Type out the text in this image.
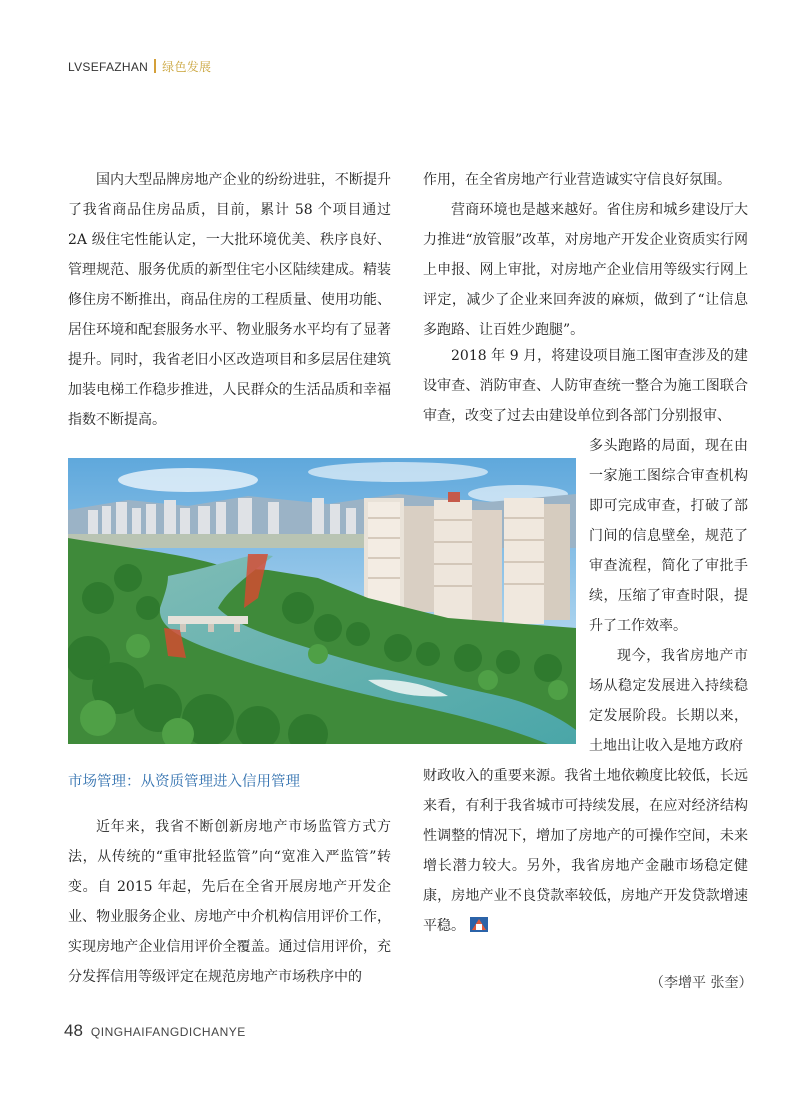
LVSEFAZHAN 绿色发展

国内大型品牌房地产企业的纷纷进驻，不断提升了我省商品住房品质，目前，累计 58 个项目通过 2A 级住宅性能认定，一大批环境优美、秩序良好、管理规范、服务优质的新型住宅小区陆续建成。精装修住房不断推出，商品住房的工程质量、使用功能、居住环境和配套服务水平、物业服务水平均有了显著提升。同时，我省老旧小区改造项目和多层居住建筑加装电梯工作稳步推进，人民群众的生活品质和幸福指数不断提高。

作用，在全省房地产行业营造诚实守信良好氛围。

营商环境也是越来越好。省住房和城乡建设厅大力推进“放管服”改革，对房地产开发企业资质实行网上申报、网上审批，对房地产企业信用等级实行网上评定，减少了企业来回奔波的麻烦，做到了“让信息多跑路、让百姓少跑腿”。

2018 年 9 月，将建设项目施工图审查涉及的建设审查、消防审查、人防审查统一整合为施工图联合审查，改变了过去由建设单位到各部门分别报审、

多头跑路的局面，现在由一家施工图综合审查机构即可完成审查，打破了部门间的信息壁垒，规范了审查流程，简化了审批手续，压缩了审查时限，提升了工作效率。

现今，我省房地产市场从稳定发展进入持续稳定发展阶段。长期以来，土地出让收入是地方政府

财政收入的重要来源。我省土地依赖度比较低，长远来看，有利于我省城市可持续发展，在应对经济结构性调整的情况下，增加了房地产的可操作空间，未来增长潜力较大。另外，我省房地产金融市场稳定健康，房地产业不良贷款率较低，房地产开发贷款增速平稳。

市场管理：从资质管理进入信用管理

近年来，我省不断创新房地产市场监管方式方法，从传统的“重审批轻监管”向“宽准入严监管”转变。自 2015 年起，先后在全省开展房地产开发企业、物业服务企业、房地产中介机构信用评价工作，实现房地产企业信用评价全覆盖。通过信用评价，充分发挥信用等级评定在规范房地产市场秩序中的	（李增平 张奎）
48 QINGHAIFANGDICHANYE
